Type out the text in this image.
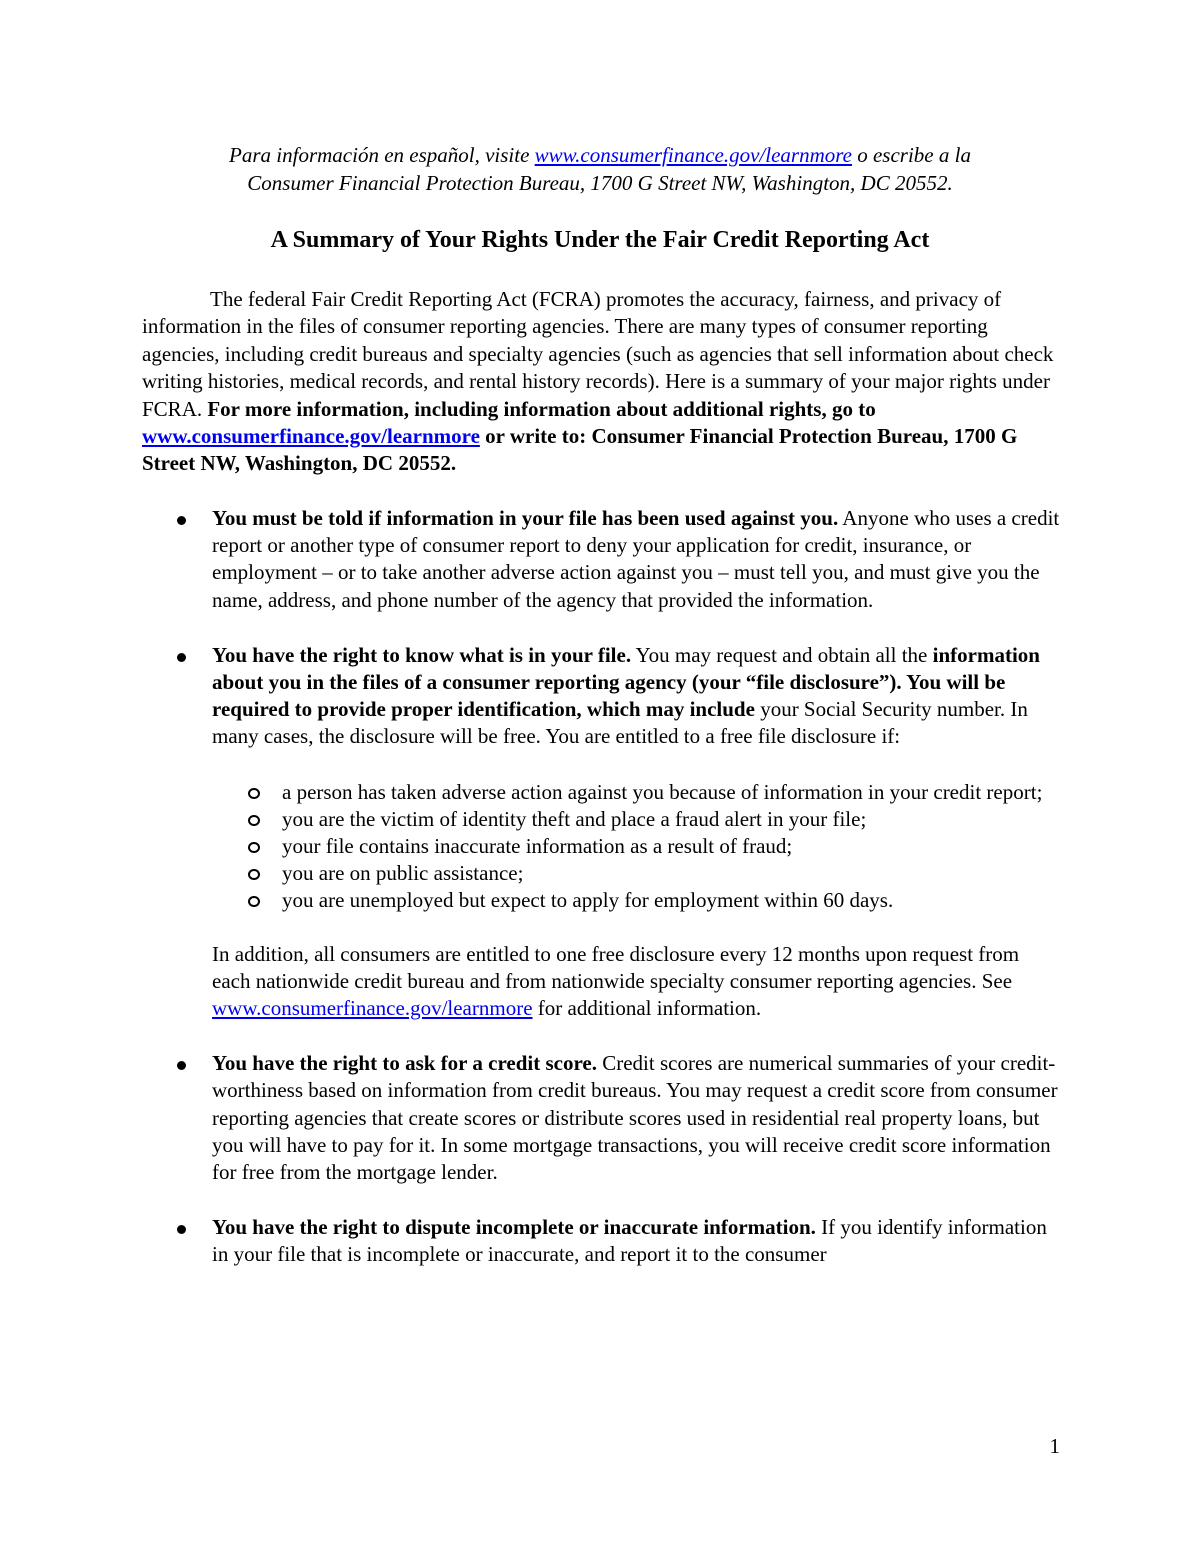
Para información en español, visite www.consumerfinance.gov/learnmore o escribe a la
Consumer Financial Protection Bureau, 1700 G Street NW, Washington, DC 20552.
A Summary of Your Rights Under the Fair Credit Reporting Act

The federal Fair Credit Reporting Act (FCRA) promotes the accuracy, fairness, and privacy of information in the files of consumer reporting agencies. There are many types of consumer reporting agencies, including credit bureaus and specialty agencies (such as agencies that sell information about check writing histories, medical records, and rental history records). Here is a summary of your major rights under FCRA. For more information, including information about additional rights, go to www.consumerfinance.gov/learnmore or write to: Consumer Financial Protection Bureau, 1700 G Street NW, Washington, DC 20552.

You must be told if information in your file has been used against you. Anyone who uses a credit report or another type of consumer report to deny your application for credit, insurance, or employment – or to take another adverse action against you – must tell you, and must give you the name, address, and phone number of the agency that provided the information.
You have the right to know what is in your file. You may request and obtain all the information about you in the files of a consumer reporting agency (your “file disclosure”). You will be required to provide proper identification, which may include your Social Security number. In many cases, the disclosure will be free. You are entitled to a free file disclosure if:
a person has taken adverse action against you because of information in your credit report;
you are the victim of identity theft and place a fraud alert in your file;
your file contains inaccurate information as a result of fraud;
you are on public assistance;
you are unemployed but expect to apply for employment within 60 days.
In addition, all consumers are entitled to one free disclosure every 12 months upon request from each nationwide credit bureau and from nationwide specialty consumer reporting agencies. See www.consumerfinance.gov/learnmore for additional information.
You have the right to ask for a credit score. Credit scores are numerical summaries of your credit-worthiness based on information from credit bureaus. You may request a credit score from consumer reporting agencies that create scores or distribute scores used in residential real property loans, but you will have to pay for it. In some mortgage transactions, you will receive credit score information for free from the mortgage lender.
You have the right to dispute incomplete or inaccurate information. If you identify information in your file that is incomplete or inaccurate, and report it to the consumer
1
